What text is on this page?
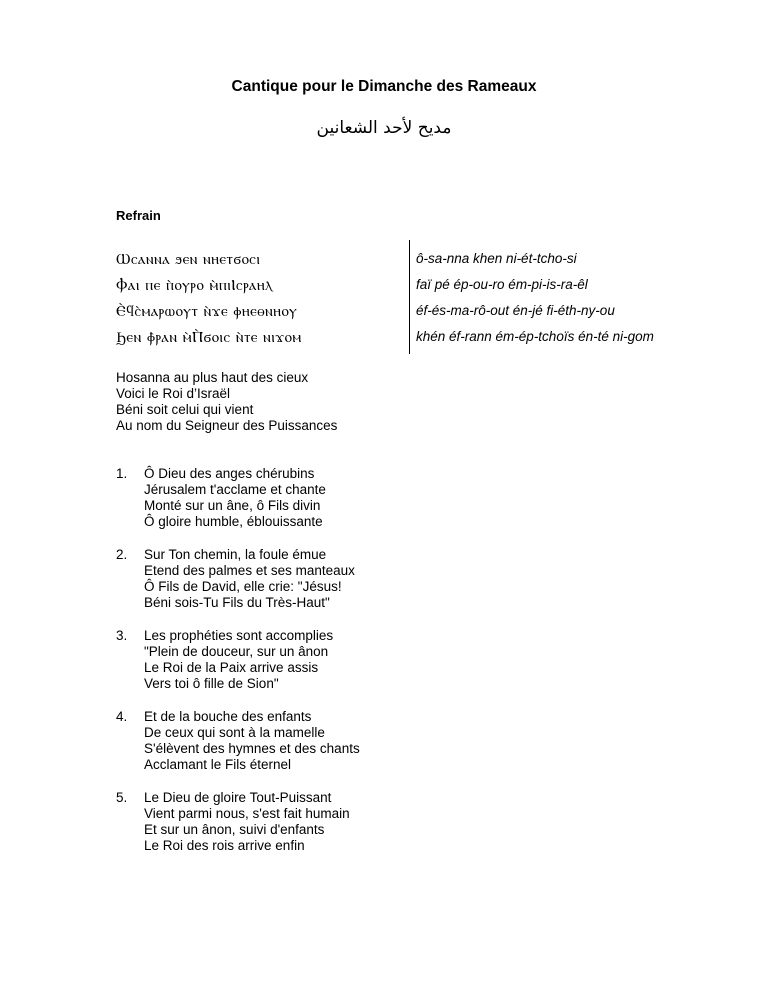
Cantique pour le Dimanche des Rameaux
مديح لأحد الشعانين
Refrain
Ⲱⲥⲁⲛⲛⲁ ϧⲉⲛ ⲛⲏⲉⲧϭⲟⲥⲓ
Ⲫⲁⲓ ⲡⲉ ⲡ̀ⲟⲩⲣⲟ ⲙ̀ⲡⲓⲒⲥⲣⲁⲏⲗ
Ⲉ̀ϥⲥ̀ⲙⲁⲣⲱⲟⲩⲧ ⲛ̀ϫⲉ ⲫⲏⲉⲑⲛⲏⲟⲩ
Ϧⲉⲛ ⲫ̀ⲣⲁⲛ ⲙ̀Ⲡ̀ϭⲟⲓⲥ ⲛ̀ⲧⲉ ⲛⲓϫⲟⲙ
ô-sa-nna khen ni-ét-tcho-si
faï pé ép-ou-ro ém-pi-is-ra-êl
éf-és-ma-rô-out én-jé fi-éth-ny-ou
khén éf-rann ém-ép-tchoïs én-té ni-gom
Hosanna au plus haut des cieux
Voici le Roi d’Israël
Béni soit celui qui vient
Au nom du Seigneur des Puissances
1. Ô Dieu des anges chérubins
Jérusalem t'acclame et chante
Monté sur un âne, ô Fils divin
Ô gloire humble, éblouissante
2. Sur Ton chemin, la foule émue
Etend des palmes et ses manteaux
Ô Fils de David, elle crie: "Jésus!
Béni sois-Tu Fils du Très-Haut"
3. Les prophéties sont accomplies
"Plein de douceur, sur un ânon
Le Roi de la Paix arrive assis
Vers toi ô fille de Sion"
4. Et de la bouche des enfants
De ceux qui sont à la mamelle
S'élèvent des hymnes et des chants
Acclamant le Fils éternel
5. Le Dieu de gloire Tout-Puissant
Vient parmi nous, s'est fait humain
Et sur un ânon, suivi d'enfants
Le Roi des rois arrive enfin
